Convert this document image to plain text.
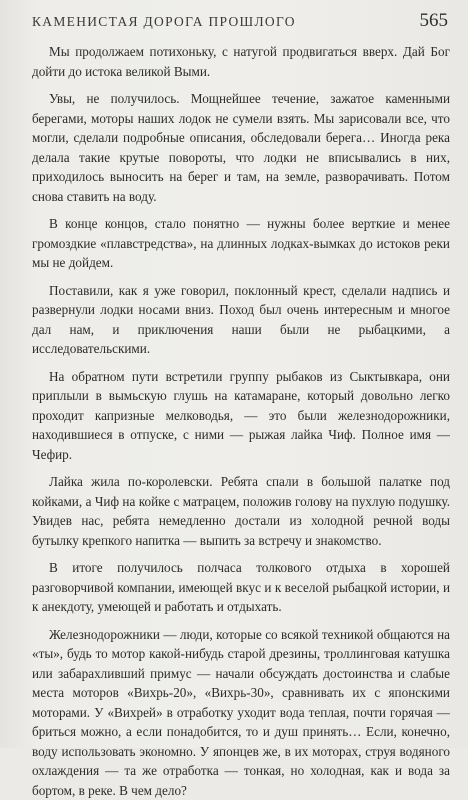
КАМЕНИСТАЯ ДОРОГА ПРОШЛОГО	565

Мы продолжаем потихоньку, с натугой продвигаться вверх. Дай Бог дойти до истока великой Выми.

Увы, не получилось. Мощнейшее течение, зажатое каменными берегами, моторы наших лодок не сумели взять. Мы зарисовали все, что могли, сделали подробные описания, обследовали берега… Иногда река делала такие крутые повороты, что лодки не вписывались в них, приходилось выносить на берег и там, на земле, разворачивать. Потом снова ставить на воду.

В конце концов, стало понятно — нужны более верткие и менее громоздкие «плавстредства», на длинных лодках-вымках до истоков реки мы не дойдем.

Поставили, как я уже говорил, поклонный крест, сделали надпись и развернули лодки носами вниз. Поход был очень интересным и многое дал нам, и приключения наши были не рыбацкими, а исследовательскими.

На обратном пути встретили группу рыбаков из Сыктывкара, они приплыли в вымьскую глушь на катамаране, который довольно легко проходит капризные мелководья, — это были железнодорожники, находившиеся в отпуске, с ними — рыжая лайка Чиф. Полное имя — Чефир.

Лайка жила по-королевски. Ребята спали в большой палатке под койками, а Чиф на койке с матрацем, положив голову на пухлую подушку. Увидев нас, ребята немедленно достали из холодной речной воды бутылку крепкого напитка — выпить за встречу и знакомство.

В итоге получилось полчаса толкового отдыха в хорошей разговорчивой компании, имеющей вкус и к веселой рыбацкой истории, и к анекдоту, умеющей и работать и отдыхать.

Железнодорожники — люди, которые со всякой техникой общаются на «ты», будь то мотор какой-нибудь старой дрезины, троллинговая катушка или забарахливший примус — начали обсуждать достоинства и слабые места моторов «Вихрь-20», «Вихрь-30», сравнивать их с японскими моторами. У «Вихрей» в отработку уходит вода теплая, почти горячая — бриться можно, а если понадобится, то и душ принять… Если, конечно, воду использовать экономно. У японцев же, в их моторах, струя водяного охлаждения — та же отработка — тонкая, но холодная, как и вода за бортом, в реке. В чем дело?
